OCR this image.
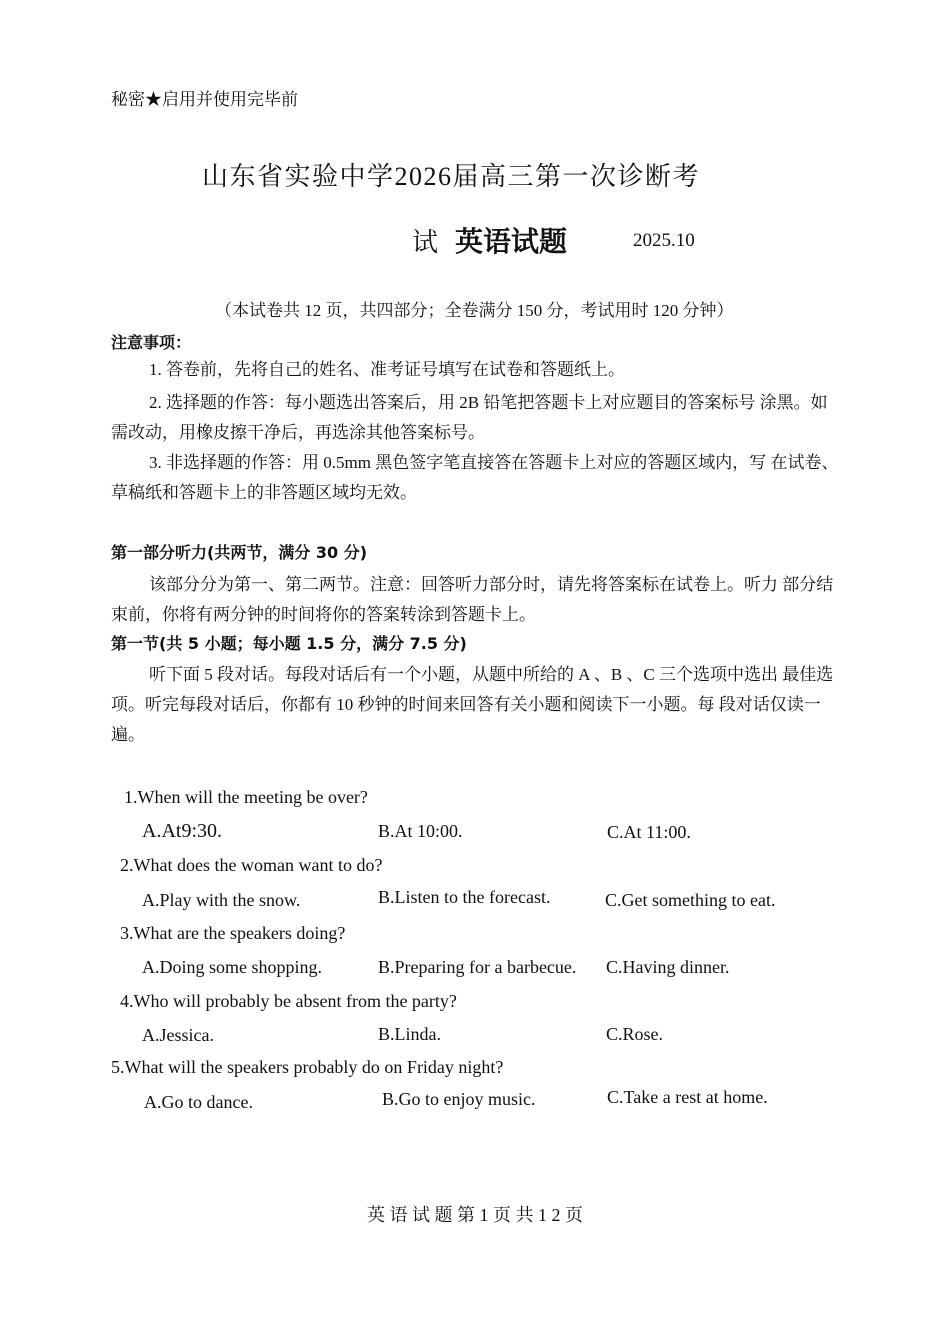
秘密★启用并使用完毕前
山东省实验中学2026届高三第一次诊断考
试 英语试题	2025.10
（本试卷共 12 页，共四部分；全卷满分 150 分，考试用时 120 分钟）
注意事项：
1. 答卷前，先将自己的姓名、准考证号填写在试卷和答题纸上。
2. 选择题的作答：每小题选出答案后，用 2B 铅笔把答题卡上对应题目的答案标号 涂黑。如需改动，用橡皮擦干净后，再选涂其他答案标号。
3. 非选择题的作答：用 0.5mm 黑色签字笔直接答在答题卡上对应的答题区域内，写 在试卷、草稿纸和答题卡上的非答题区域均无效。
第一部分听力(共两节，满分 30 分)
该部分分为第一、第二两节。注意：回答听力部分时，请先将答案标在试卷上。听力 部分结束前，你将有两分钟的时间将你的答案转涂到答题卡上。
第一节(共 5 小题；每小题 1.5 分，满分 7.5 分)
听下面 5 段对话。每段对话后有一个小题，从题中所给的 A 、B 、C 三个选项中选出 最佳选项。听完每段对话后，你都有 10 秒钟的时间来回答有关小题和阅读下一小题。每 段对话仅读一遍。
1.When will the meeting be over?
A.At9:30.	B.At 10:00.	C.At 11:00.
2.What does the woman want to do?
A.Play with the snow.	B.Listen to the forecast.	C.Get something to eat.
3.What are the speakers doing?
A.Doing some shopping.	B.Preparing for a barbecue. C.Having dinner.
4.Who will probably be absent from the party?
A.Jessica.	B.Linda.	C.Rose.
5.What will the speakers probably do on Friday night?
A.Go to dance.	B.Go to enjoy music.	C.Take a rest at home.
英 语 试 题 第 1 页 共 1 2 页
